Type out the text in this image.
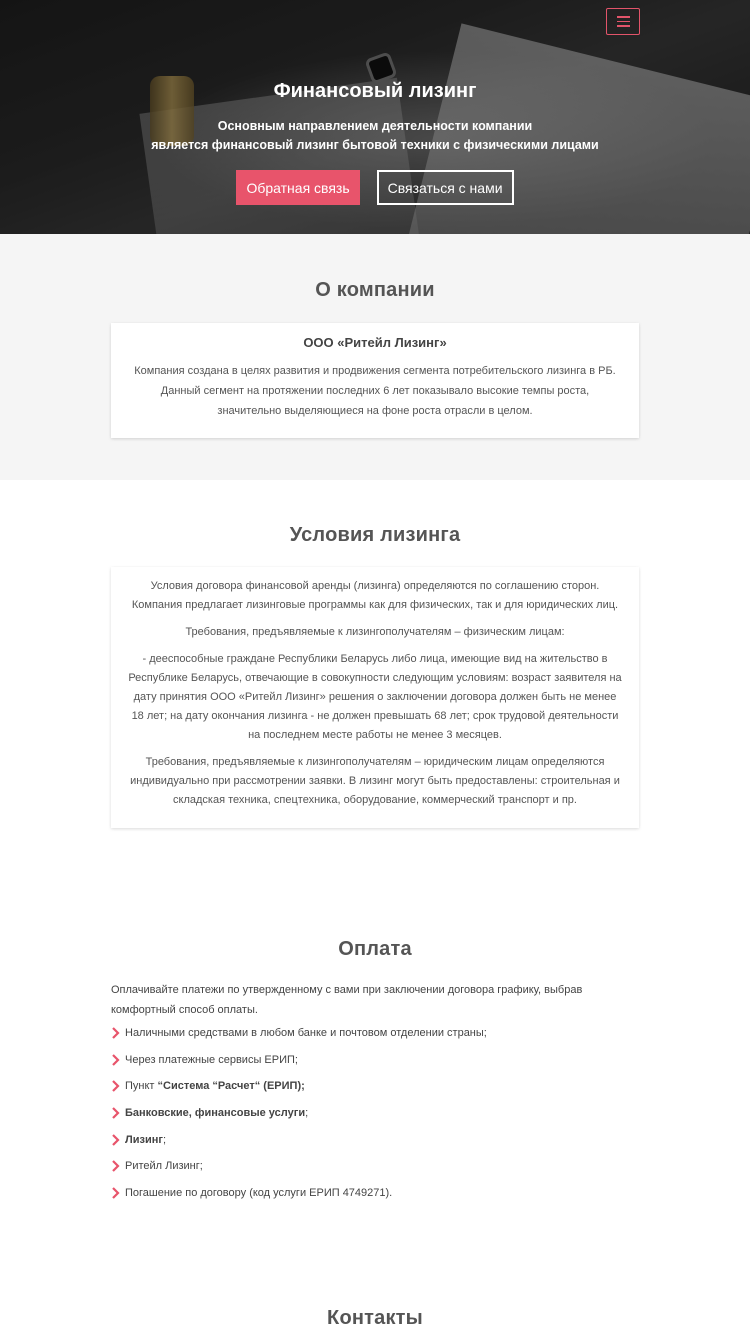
Финансовый лизинг
Основным направлением деятельности компании
является финансовый лизинг бытовой техники с физическими лицами
Обратная связь	Связаться с нами
О компании
ООО «Ритейл Лизинг»

Компания создана в целях развития и продвижения сегмента потребительского лизинга в РБ. Данный сегмент на протяжении последних 6 лет показывало высокие темпы роста, значительно выделяющиеся на фоне роста отрасли в целом.

Условия лизинга

Условия договора финансовой аренды (лизинга) определяются по соглашению сторон. Компания предлагает лизинговые программы как для физических, так и для юридических лиц.

Требования, предъявляемые к лизингополучателям – физическим лицам:

- дееспособные граждане Республики Беларусь либо лица, имеющие вид на жительство в Республике Беларусь, отвечающие в совокупности следующим условиям: возраст заявителя на дату принятия ООО «Ритейл Лизинг» решения о заключении договора должен быть не менее 18 лет; на дату окончания лизинга - не должен превышать 68 лет; срок трудовой деятельности на последнем месте работы не менее 3 месяцев.

Требования, предъявляемые к лизингополучателям – юридическим лицам определяются индивидуально при рассмотрении заявки. В лизинг могут быть предоставлены: строительная и складская техника, спецтехника, оборудование, коммерческий транспорт и пр.

Оплата

Оплачивайте платежи по утвержденному с вами при заключении договора графику, выбрав комфортный способ оплаты.

Наличными средствами в любом банке и почтовом отделении страны;
Через платежные сервисы ЕРИП;
Пункт “Система “Расчет“ (ЕРИП);
Банковские, финансовые услуги;
Лизинг;
Ритейл Лизинг;
Погашение по договору (код услуги ЕРИП 4749271).
Контакты
